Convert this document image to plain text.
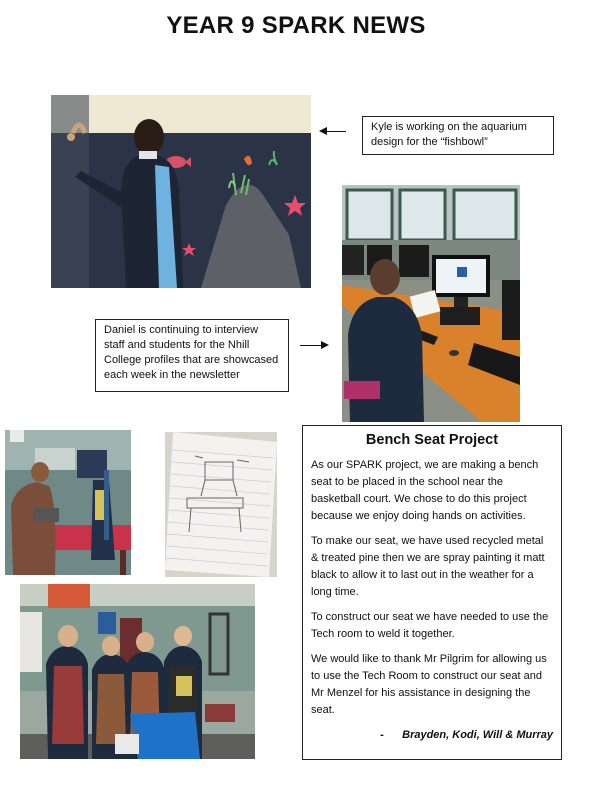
YEAR 9 SPARK NEWS
Kyle is working on the aquarium design for the “fishbowl”
Daniel is continuing to interview staff and students for the Nhill College profiles that are showcased each week in the newsletter
Bench Seat Project

As our SPARK project, we are making a bench seat to be placed in the school near the basketball court. We chose to do this project because we enjoy doing hands on activities.

To make our seat, we have used recycled metal & treated pine then we are spray painting it matt black to allow it to last out in the weather for a long time.

To construct our seat we have needed to use the Tech room to weld it together.

We would like to thank Mr Pilgrim for allowing us to use the Tech Room to construct our seat and Mr Menzel for his assistance in designing the seat.

-      Brayden, Kodi, Will & Murray
